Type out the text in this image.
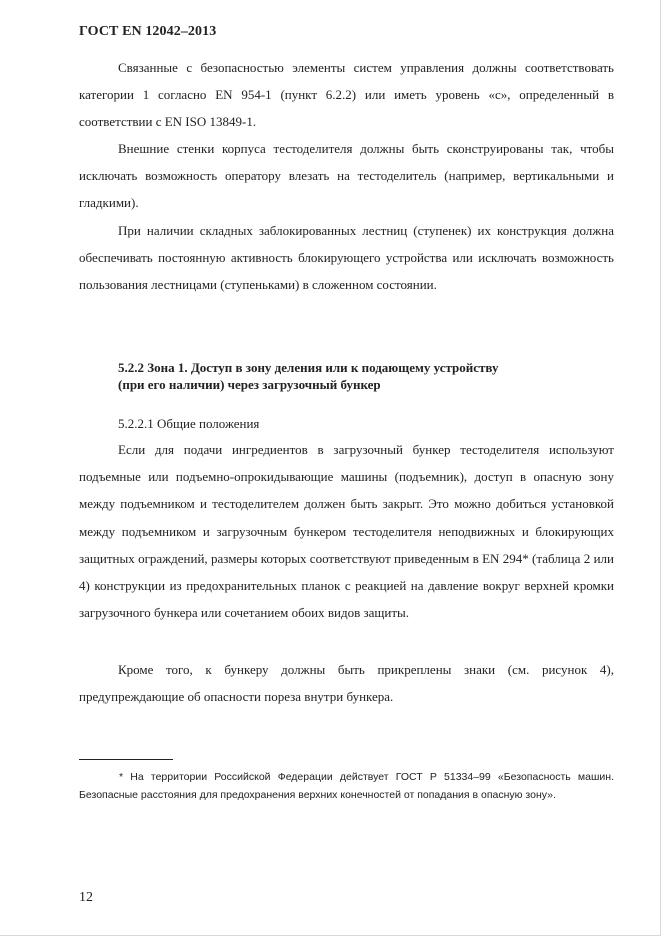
ГОСТ EN 12042–2013

Связанные с безопасностью элементы систем управления должны соответствовать категории 1 согласно EN 954-1 (пункт 6.2.2) или иметь уровень «с», определенный в соответствии с EN ISO 13849-1.

Внешние стенки корпуса тестоделителя должны быть сконструированы так, чтобы исключать возможность оператору влезать на тестоделитель (например, вертикальными и гладкими).

При наличии складных заблокированных лестниц (ступенек) их конструкция должна обеспечивать постоянную активность блокирующего устройства или исключать возможность пользования лестницами (ступеньками) в сложенном состоянии.

5.2.2 Зона 1. Доступ в зону деления или к подающему устройству
(при его наличии) через загрузочный бункер
5.2.2.1 Общие положения

Если для подачи ингредиентов в загрузочный бункер тестоделителя используют подъемные или подъемно-опрокидывающие машины (подъемник), доступ в опасную зону между подъемником и тестоделителем должен быть закрыт. Это можно добиться установкой между подъемником и загрузочным бункером тестоделителя неподвижных и блокирующих защитных ограждений, размеры которых соответствуют приведенным в EN 294* (таблица 2 или 4) конструкции из предохранительных планок с реакцией на давление вокруг верхней кромки загрузочного бункера или сочетанием обоих видов защиты.

Кроме того, к бункеру должны быть прикреплены знаки (см. рисунок 4), предупреждающие об опасности пореза внутри бункера.

* На территории Российской Федерации действует ГОСТ Р 51334–99 «Безопасность машин. Безопасные расстояния для предохранения верхних конечностей от попадания в опасную зону».

12
